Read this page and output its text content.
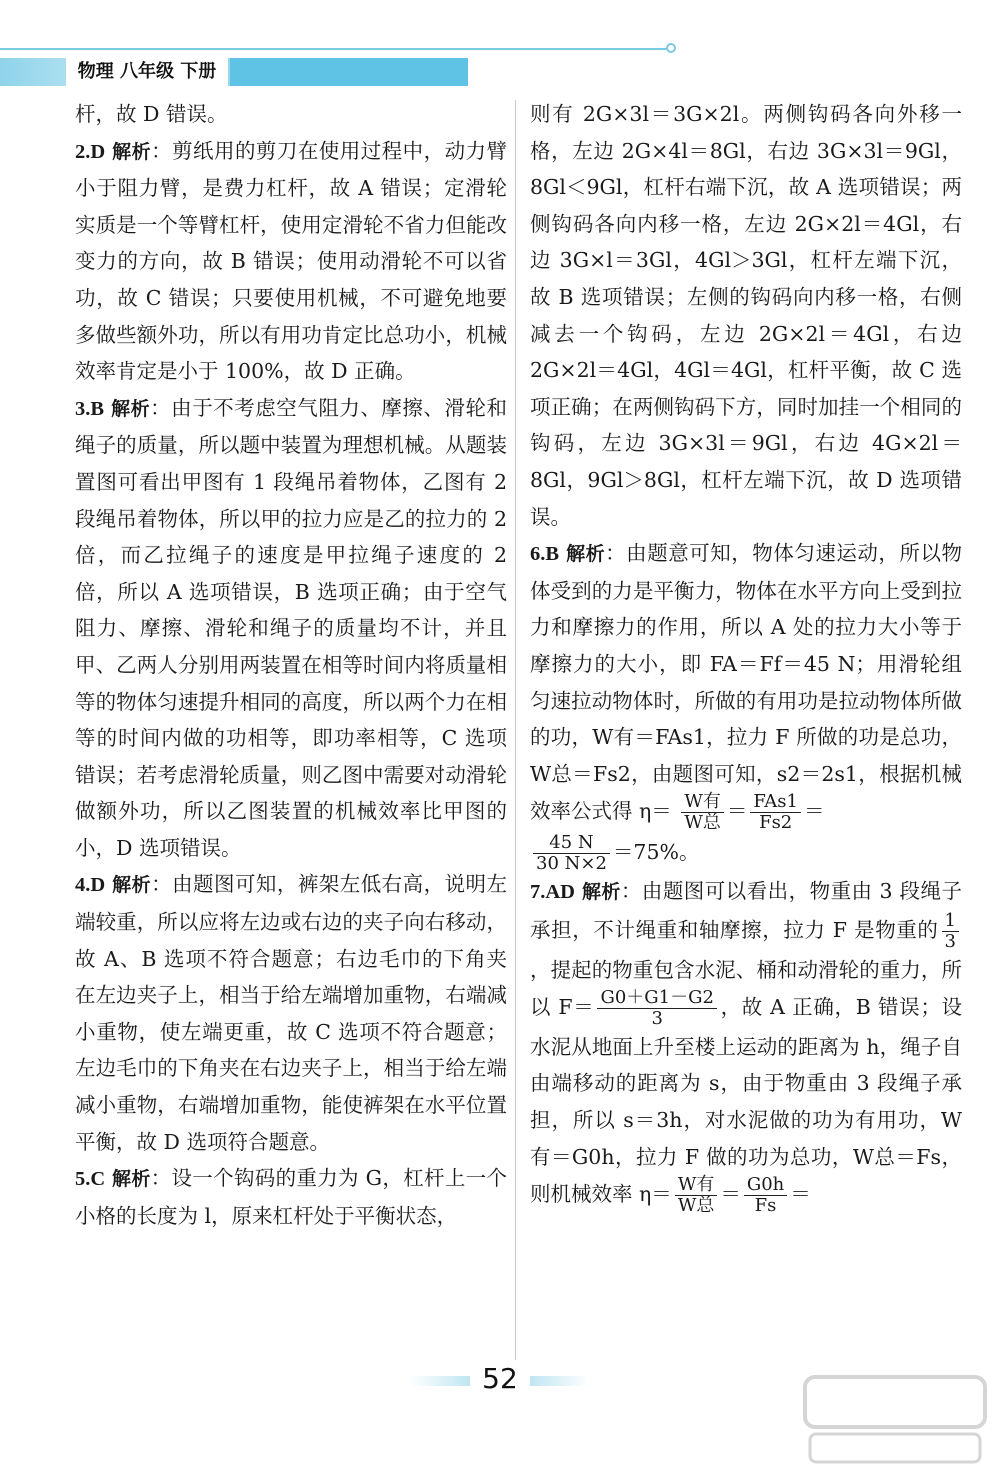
物理 八年级 下册

杆，故 D 错误。

2.D 解析：剪纸用的剪刀在使用过程中，动力臂小于阻力臂，是费力杠杆，故 A 错误；定滑轮实质是一个等臂杠杆，使用定滑轮不省力但能改变力的方向，故 B 错误；使用动滑轮不可以省功，故 C 错误；只要使用机械，不可避免地要多做些额外功，所以有用功肯定比总功小，机械效率肯定是小于 100%，故 D 正确。

3.B 解析：由于不考虑空气阻力、摩擦、滑轮和绳子的质量，所以题中装置为理想机械。从题装置图可看出甲图有 1 段绳吊着物体，乙图有 2 段绳吊着物体，所以甲的拉力应是乙的拉力的 2 倍，而乙拉绳子的速度是甲拉绳子速度的 2 倍，所以 A 选项错误，B 选项正确；由于空气阻力、摩擦、滑轮和绳子的质量均不计，并且甲、乙两人分别用两装置在相等时间内将质量相等的物体匀速提升相同的高度，所以两个力在相等的时间内做的功相等，即功率相等，C 选项错误；若考虑滑轮质量，则乙图中需要对动滑轮做额外功，所以乙图装置的机械效率比甲图的小，D 选项错误。

4.D 解析：由题图可知，裤架左低右高，说明左端较重，所以应将左边或右边的夹子向右移动，故 A、B 选项不符合题意；右边毛巾的下角夹在左边夹子上，相当于给左端增加重物，右端减小重物，使左端更重，故 C 选项不符合题意；左边毛巾的下角夹在右边夹子上，相当于给左端减小重物，右端增加重物，能使裤架在水平位置平衡，故 D 选项符合题意。

5.C 解析：设一个钩码的重力为 G，杠杆上一个小格的长度为 l，原来杠杆处于平衡状态，

则有 2G×3l＝3G×2l。两侧钩码各向外移一格，左边 2G×4l＝8Gl，右边 3G×3l＝9Gl，8Gl＜9Gl，杠杆右端下沉，故 A 选项错误；两侧钩码各向内移一格，左边 2G×2l＝4Gl，右边 3G×l＝3Gl，4Gl＞3Gl，杠杆左端下沉，故 B 选项错误；左侧的钩码向内移一格，右侧减去一个钩码，左边 2G×2l＝4Gl，右边 2G×2l＝4Gl，4Gl＝4Gl，杠杆平衡，故 C 选项正确；在两侧钩码下方，同时加挂一个相同的钩码，左边 3G×3l＝9Gl，右边 4G×2l＝8Gl，9Gl＞8Gl，杠杆左端下沉，故 D 选项错误。

6.B 解析：由题意可知，物体匀速运动，所以物体受到的力是平衡力，物体在水平方向上受到拉力和摩擦力的作用，所以 A 处的拉力大小等于摩擦力的大小，即 FA＝Ff＝45 N；用滑轮组匀速拉动物体时，所做的有用功是拉动物体所做的功，W有＝FAs1，拉力 F 所做的功是总功，W总＝Fs2，由题图可知，s2＝2s1，根据机械效率公式得 $\eta= \frac{\text{W有}}{\text{W总}} = \frac{\text{FAs1}}{Fs2}$ ＝

$\frac{45 N}{30 N\times 2} =75\%$。

7.AD 解析：由题图可以看出，物重由 3 段绳子承担，不计绳重和轴摩擦，拉力 F 是物重的 $\frac{1}{3}$
，提起的物重包含水泥、桶和动滑轮的重力，所以 $F= \frac{G0+G1-G2}{3}$ ，故 A 正确，B 错误；设水泥从地面上升至楼上运动的距离为 h，绳子自由端移动的距离为 s，由于物重由 3 段绳子承担，所以 s＝3h，对水泥做的功为有用功，W有＝G0h，拉力 F 做的功为总功，W总＝Fs，则机械效率 $\eta= \frac{\text{W有}}{\text{W总}} = \frac{G0h}{Fs}$ ＝

52
